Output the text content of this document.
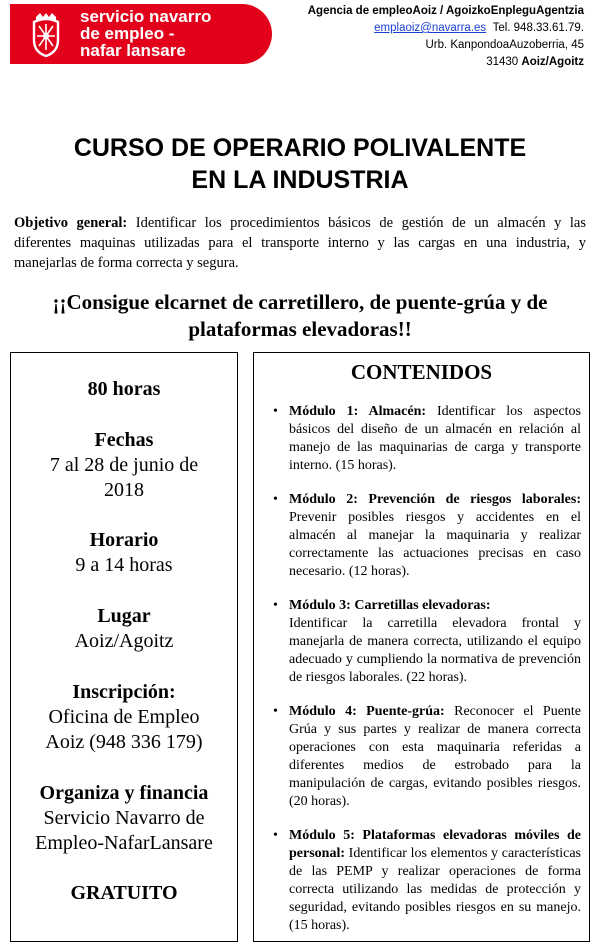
servicio navarro
de empleo -
nafar lansare
Agencia de empleoAoiz / AgoizkoEnpleguAgentzia
emplaoiz@navarra.es Tel. 948.33.61.79.
Urb. KanpondoaAuzoberria, 45
31430 Aoiz/Agoitz
CURSO DE OPERARIO POLIVALENTE
EN LA INDUSTRIA
Objetivo general: Identificar los procedimientos básicos de gestión de un almacén y las diferentes maquinas utilizadas para el transporte interno y las cargas en una industria, y manejarlas de forma correcta y segura.
¡¡Consigue elcarnet de carretillero, de puente-grúa y de
plataformas elevadoras!!
80 horas
Fechas
7 al 28 de junio de
2018
Horario
9 a 14 horas
Lugar
Aoiz/Agoitz
Inscripción:
Oficina de Empleo
Aoiz (948 336 179)
Organiza y financia
Servicio Navarro de
Empleo-NafarLansare
GRATUITO
CONTENIDOS
• Módulo 1: Almacén: Identificar los aspectos básicos del diseño de un almacén en relación al manejo de las maquinarias de carga y transporte interno. (15 horas).
• Módulo 2: Prevención de riesgos laborales: Prevenir posibles riesgos y accidentes en el almacén al manejar la maquinaria y realizar correctamente las actuaciones precisas en caso necesario. (12 horas).
• Módulo 3: Carretillas elevadoras:
Identificar la carretilla elevadora frontal y manejarla de manera correcta, utilizando el equipo adecuado y cumpliendo la normativa de prevención de riesgos laborales. (22 horas).
• Módulo 4: Puente-grúa: Reconocer el Puente Grúa y sus partes y realizar de manera correcta operaciones con esta maquinaria referidas a diferentes medios de estrobado para la manipulación de cargas, evitando posibles riesgos. (20 horas).
• Módulo 5: Plataformas elevadoras móviles de personal: Identificar los elementos y características de las PEMP y realizar operaciones de forma correcta utilizando las medidas de protección y seguridad, evitando posibles riesgos en su manejo. (15 horas).
